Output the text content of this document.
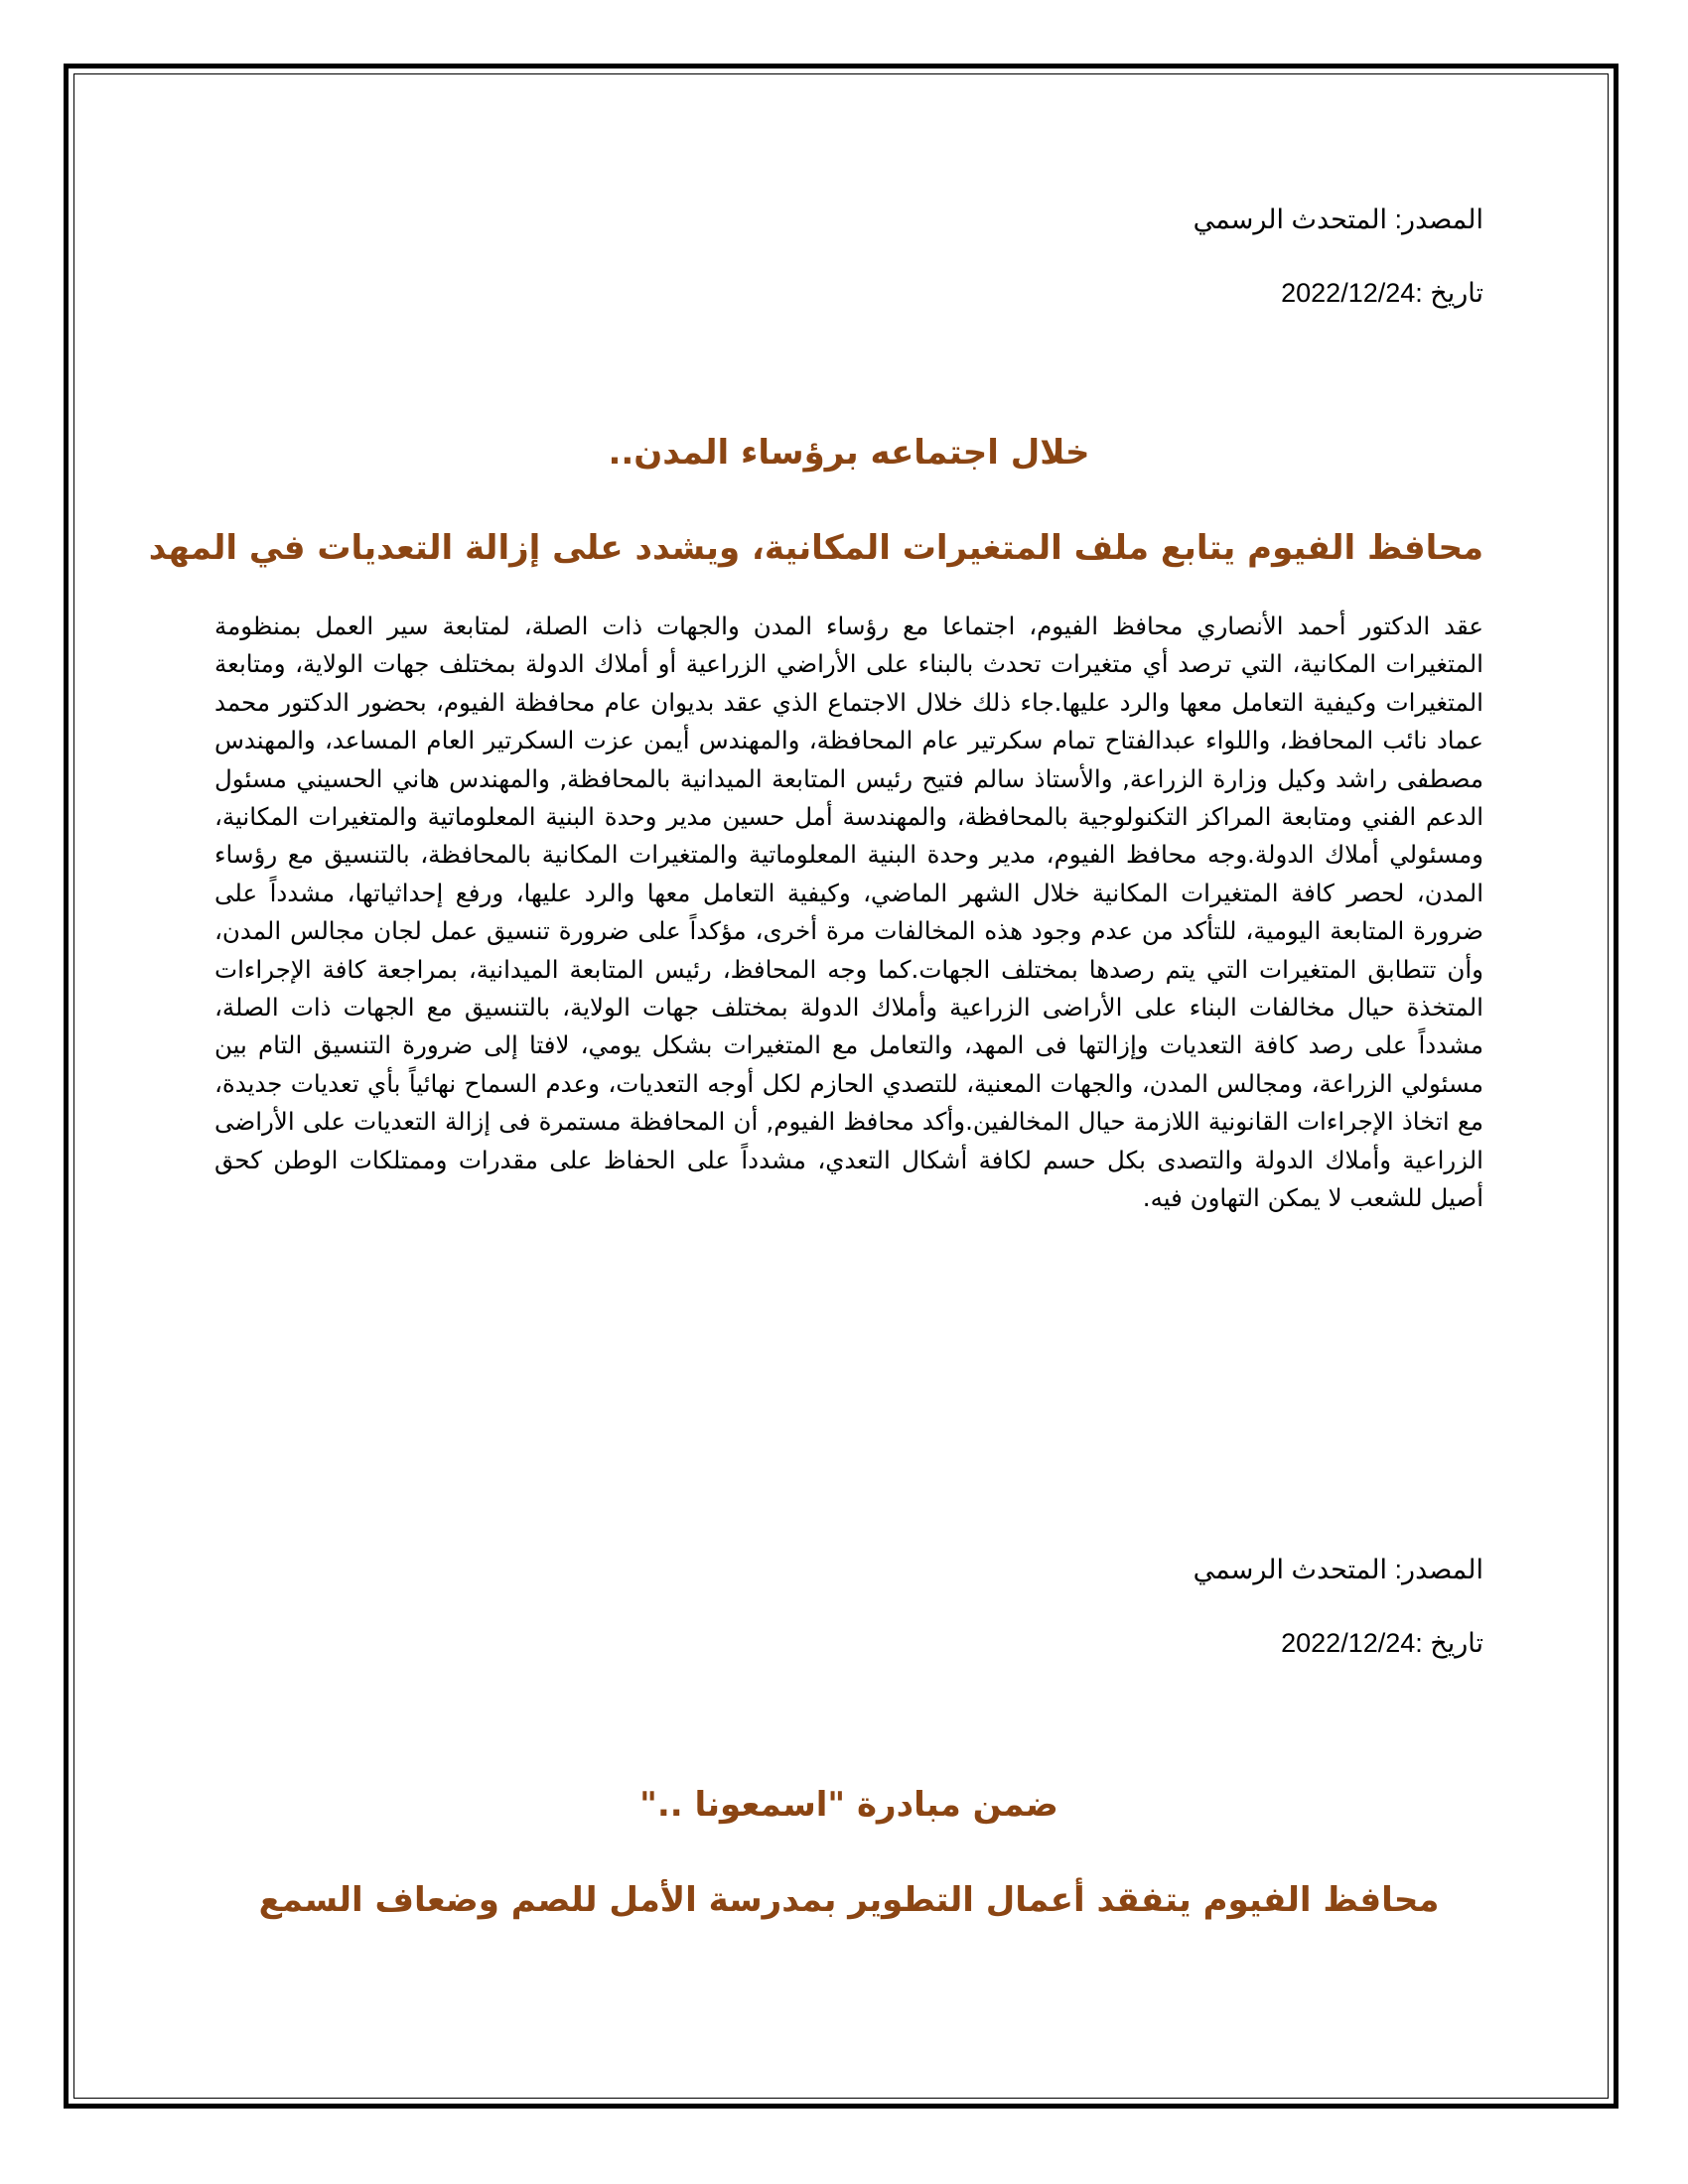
المصدر: المتحدث الرسمي
تاريخ :2022/12/24
خلال اجتماعه برؤساء المدن..
محافظ الفيوم يتابع ملف المتغيرات المكانية، ويشدد على إزالة التعديات في المهد

عقد الدكتور أحمد الأنصاري محافظ الفيوم، اجتماعا مع رؤساء المدن والجهات ذات الصلة، لمتابعة سير العمل بمنظومة المتغيرات المكانية، التي ترصد أي متغيرات تحدث بالبناء على الأراضي الزراعية أو أملاك الدولة بمختلف جهات الولاية، ومتابعة المتغيرات وكيفية التعامل معها والرد عليها.جاء ذلك خلال الاجتماع الذي عقد بديوان عام محافظة الفيوم، بحضور الدكتور محمد عماد نائب المحافظ، واللواء عبدالفتاح تمام سكرتير عام المحافظة، والمهندس أيمن عزت السكرتير العام المساعد، والمهندس مصطفى راشد وكيل وزارة الزراعة, والأستاذ سالم فتيح رئيس المتابعة الميدانية بالمحافظة, والمهندس هاني الحسيني مسئول الدعم الفني ومتابعة المراكز التكنولوجية بالمحافظة، والمهندسة أمل حسين مدير وحدة البنية المعلوماتية والمتغيرات المكانية، ومسئولي أملاك الدولة.وجه محافظ الفيوم، مدير وحدة البنية المعلوماتية والمتغيرات المكانية بالمحافظة، بالتنسيق مع رؤساء المدن، لحصر كافة المتغيرات المكانية خلال الشهر الماضي، وكيفية التعامل معها والرد عليها، ورفع إحداثياتها، مشدداً على ضرورة المتابعة اليومية، للتأكد من عدم وجود هذه المخالفات مرة أخرى، مؤكداً على ضرورة تنسيق عمل لجان مجالس المدن، وأن تتطابق المتغيرات التي يتم رصدها بمختلف الجهات.كما وجه المحافظ، رئيس المتابعة الميدانية، بمراجعة كافة الإجراءات المتخذة حيال مخالفات البناء على الأراضى الزراعية وأملاك الدولة بمختلف جهات الولاية، بالتنسيق مع الجهات ذات الصلة، مشدداً على رصد كافة التعديات وإزالتها فى المهد، والتعامل مع المتغيرات بشكل يومي، لافتا إلى ضرورة التنسيق التام بين مسئولي الزراعة، ومجالس المدن، والجهات المعنية، للتصدي الحازم لكل أوجه التعديات، وعدم السماح نهائياً بأي تعديات جديدة، مع اتخاذ الإجراءات القانونية اللازمة حيال المخالفين.وأكد محافظ الفيوم, أن المحافظة مستمرة فى إزالة التعديات على الأراضى الزراعية وأملاك الدولة والتصدى بكل حسم لكافة أشكال التعدي، مشدداً على الحفاظ على مقدرات وممتلكات الوطن كحق أصيل للشعب لا يمكن التهاون فيه.

المصدر: المتحدث الرسمي
تاريخ :2022/12/24
ضمن مبادرة "اسمعونا .."
محافظ الفيوم يتفقد أعمال التطوير بمدرسة الأمل للصم وضعاف السمع
